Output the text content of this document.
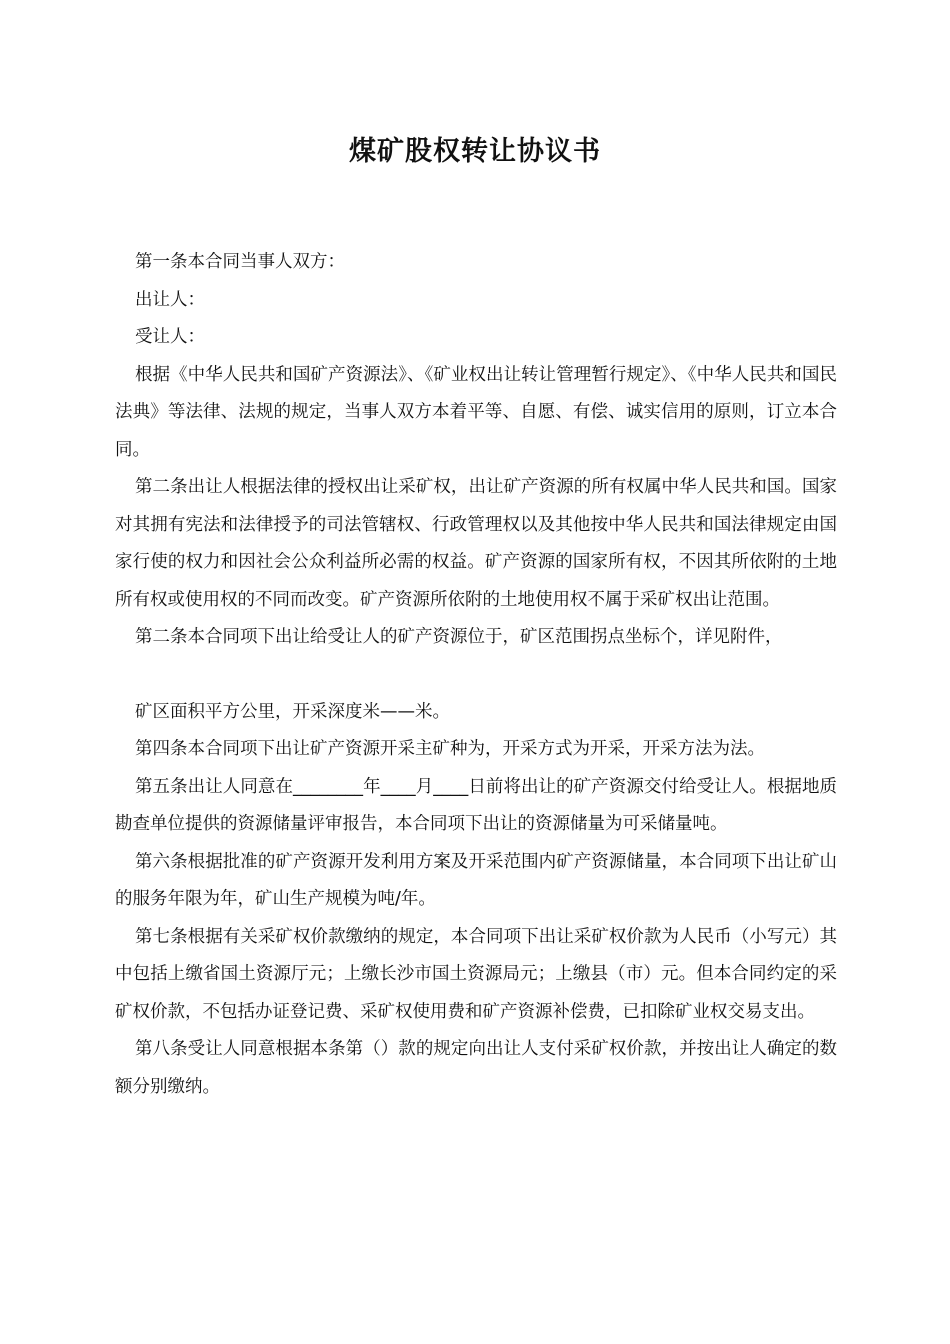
煤矿股权转让协议书

第一条本合同当事人双方：

出让人：

受让人：

根据《中华人民共和国矿产资源法》、《矿业权出让转让管理暂行规定》、《中华人民共和国民法典》等法律、法规的规定，当事人双方本着平等、自愿、有偿、诚实信用的原则，订立本合同。

第二条出让人根据法律的授权出让采矿权，出让矿产资源的所有权属中华人民共和国。国家对其拥有宪法和法律授予的司法管辖权、行政管理权以及其他按中华人民共和国法律规定由国家行使的权力和因社会公众利益所必需的权益。矿产资源的国家所有权，不因其所依附的土地所有权或使用权的不同而改变。矿产资源所依附的土地使用权不属于采矿权出让范围。

第二条本合同项下出让给受让人的矿产资源位于，矿区范围拐点坐标个，详见附件，

矿区面积平方公里，开采深度米——米。

第四条本合同项下出让矿产资源开采主矿种为，开采方式为开采，开采方法为法。

第五条出让人同意在________年____月____日前将出让的矿产资源交付给受让人。根据地质勘查单位提供的资源储量评审报告，本合同项下出让的资源储量为可采储量吨。

第六条根据批准的矿产资源开发利用方案及开采范围内矿产资源储量，本合同项下出让矿山的服务年限为年，矿山生产规模为吨/年。

第七条根据有关采矿权价款缴纳的规定，本合同项下出让采矿权价款为人民币（小写元）其中包括上缴省国土资源厅元；上缴长沙市国土资源局元；上缴县（市）元。但本合同约定的采矿权价款，不包括办证登记费、采矿权使用费和矿产资源补偿费，已扣除矿业权交易支出。

第八条受让人同意根据本条第（）款的规定向出让人支付采矿权价款，并按出让人确定的数额分别缴纳。
